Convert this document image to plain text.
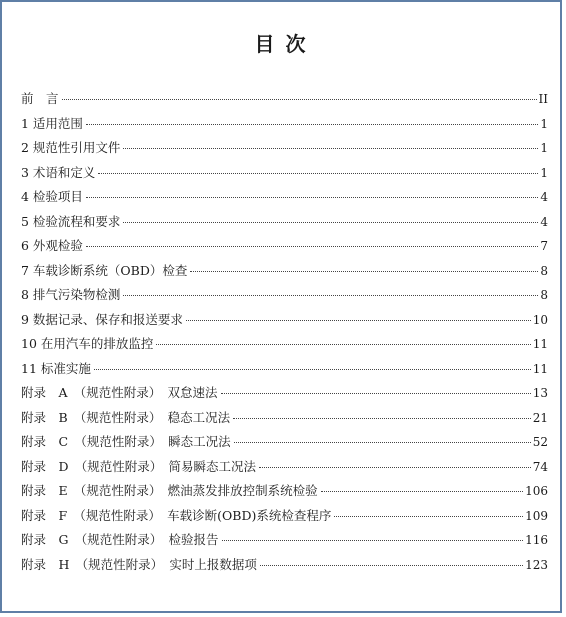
目 次
前　言	II
1 适用范围	1
2 规范性引用文件	1
3 术语和定义	1
4 检验项目	4
5 检验流程和要求	4
6 外观检验	7
7 车载诊断系统（OBD）检查	8
8 排气污染物检测	8
9 数据记录、保存和报送要求	10
10 在用汽车的排放监控	11
11 标准实施	11
附录　A　（规范性附录）　双怠速法	13
附录　B　（规范性附录）　稳态工况法	21
附录　C　（规范性附录）　瞬态工况法	52
附录　D　（规范性附录）　简易瞬态工况法	74
附录　E　（规范性附录）　燃油蒸发排放控制系统检验	106
附录　F　（规范性附录）　车载诊断(OBD)系统检查程序	109
附录　G　（规范性附录）　检验报告	116
附录　H　（规范性附录）　实时上报数据项	123
